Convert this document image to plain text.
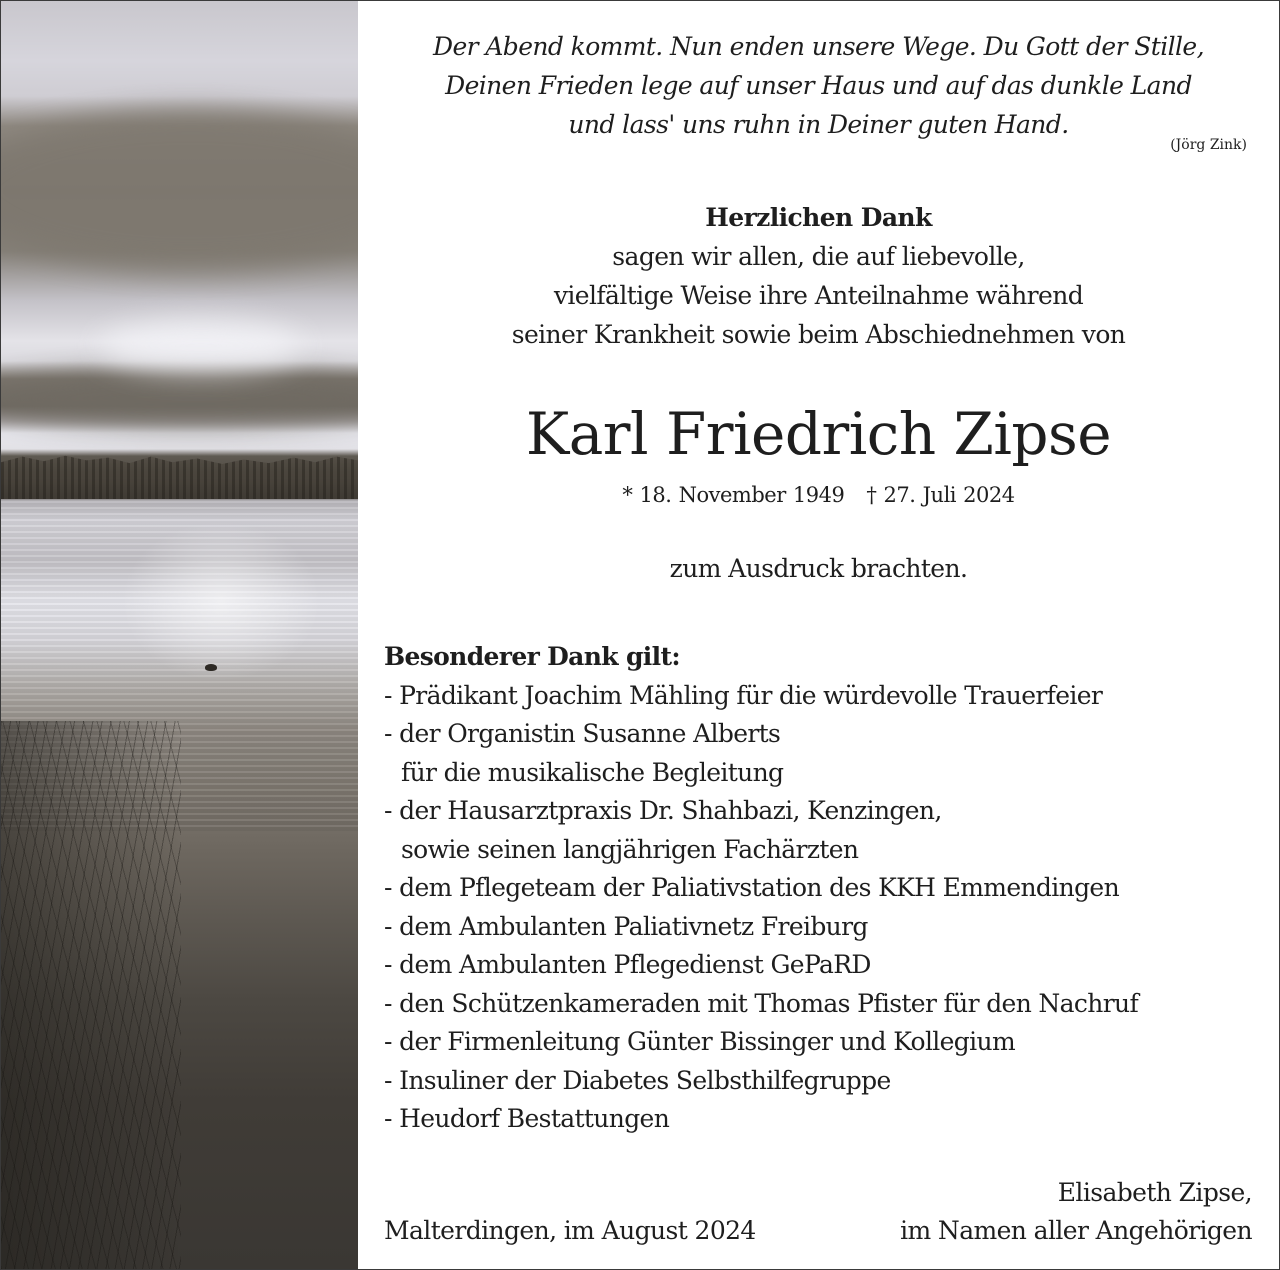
Der Abend kommt. Nun enden unsere Wege. Du Gott der Stille,
Deinen Frieden lege auf unser Haus und auf das dunkle Land
und lass' uns ruhn in Deiner guten Hand.
(Jörg Zink)
Herzlichen Dank
sagen wir allen, die auf liebevolle,
vielfältige Weise ihre Anteilnahme während
seiner Krankheit sowie beim Abschiednehmen von
Karl Friedrich Zipse
* 18. November 1949 † 27. Juli 2024
zum Ausdruck brachten.
Besonderer Dank gilt:
- Prädikant Joachim Mähling für die würdevolle Trauerfeier
- der Organistin Susanne Alberts
für die musikalische Begleitung
- der Hausarztpraxis Dr. Shahbazi, Kenzingen,
sowie seinen langjährigen Fachärzten
- dem Pflegeteam der Paliativstation des KKH Emmendingen
- dem Ambulanten Paliativnetz Freiburg
- dem Ambulanten Pflegedienst GePaRD
- den Schützenkameraden mit Thomas Pfister für den Nachruf
- der Firmenleitung Günter Bissinger und Kollegium
- Insuliner der Diabetes Selbsthilfegruppe
- Heudorf Bestattungen
Elisabeth Zipse,
Malterdingen, im August 2024	im Namen aller Angehörigen
